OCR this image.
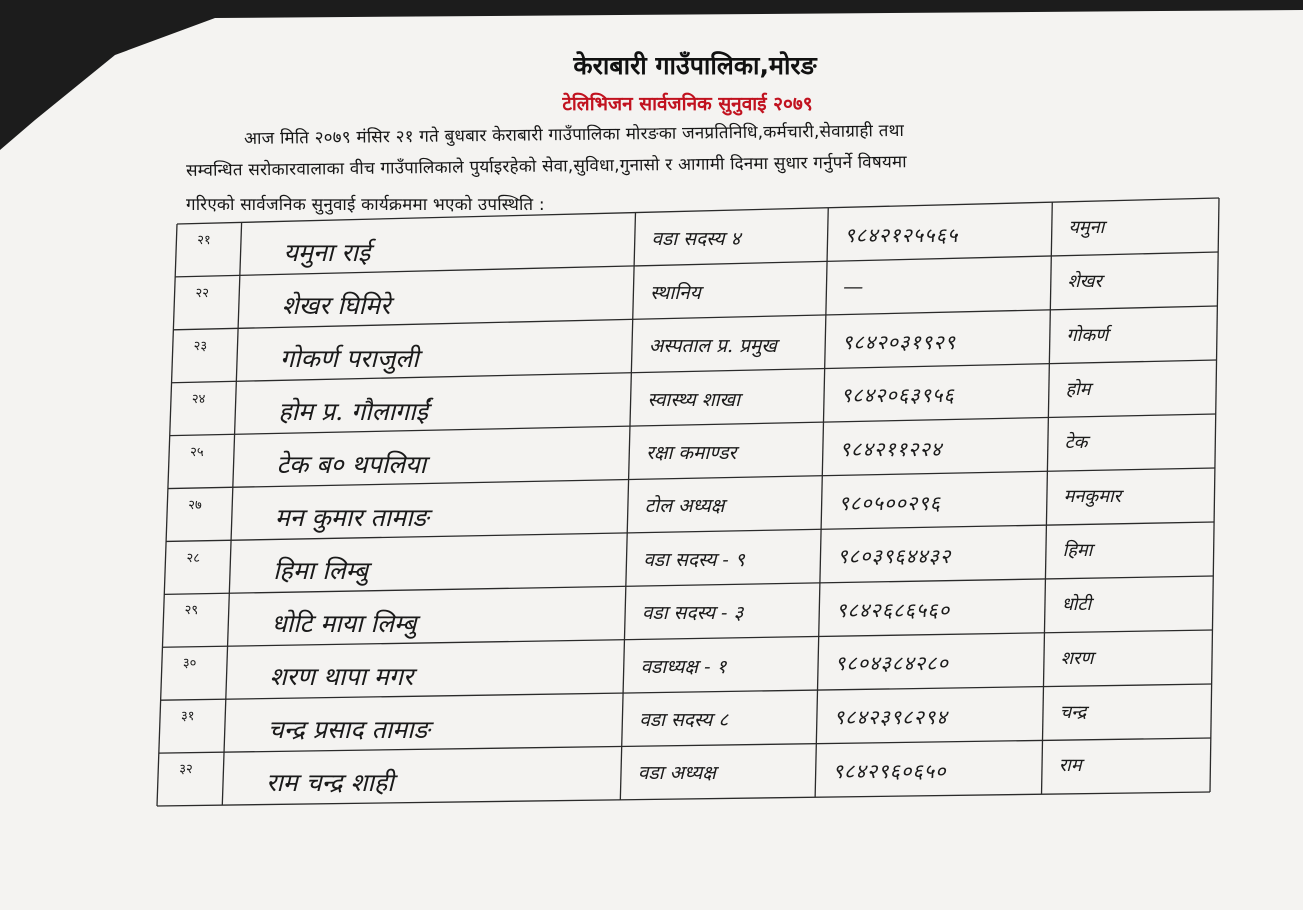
केराबारी गाउँपालिका,मोरङ
टेलिभिजन सार्वजनिक सुनुवाई २०७९
आज मिति २०७९ मंसिर २१ गते बुधबार केराबारी गाउँपालिका मोरङका जनप्रतिनिधि,कर्मचारी,सेवाग्राही तथा
सम्वन्धित सरोकारवालाका वीच गाउँपालिकाले पुर्याइरहेको सेवा,सुविधा,गुनासो र आगामी दिनमा सुधार गर्नुपर्ने विषयमा
गरिएको सार्वजनिक सुनुवाई कार्यक्रममा भएको उपस्थिति :
२१	यमुना राई	वडा सदस्य ४	९८४२१२५५६५	यमुना
२२	शेखर घिमिरे	स्थानिय	—	शेखर
२३	गोकर्ण पराजुली	अस्पताल प्र. प्रमुख	९८४२०३१९२९	गोकर्ण
२४	होम प्र. गौलागाईं	स्वास्थ्य शाखा	९८४२०६३९५६	होम
२५	टेक ब० थपलिया	रक्षा कमाण्डर	९८४२११२२४	टेक
२७	मन कुमार तामाङ	टोल अध्यक्ष	९८०५००२९६	मनकुमार
२८	हिमा लिम्बु	वडा सदस्य - ९	९८०३९६४४३२	हिमा
२९	धोटि माया लिम्बु	वडा सदस्य - ३	९८४२६८६५६०	धोटी
३०	शरण थापा मगर	वडाध्यक्ष - १	९८०४३८४२८०	शरण
३१	चन्द्र प्रसाद तामाङ	वडा सदस्य ८	९८४२३९८२९४	चन्द्र
३२	राम चन्द्र शाही	वडा अध्यक्ष	९८४२९६०६५०	राम
